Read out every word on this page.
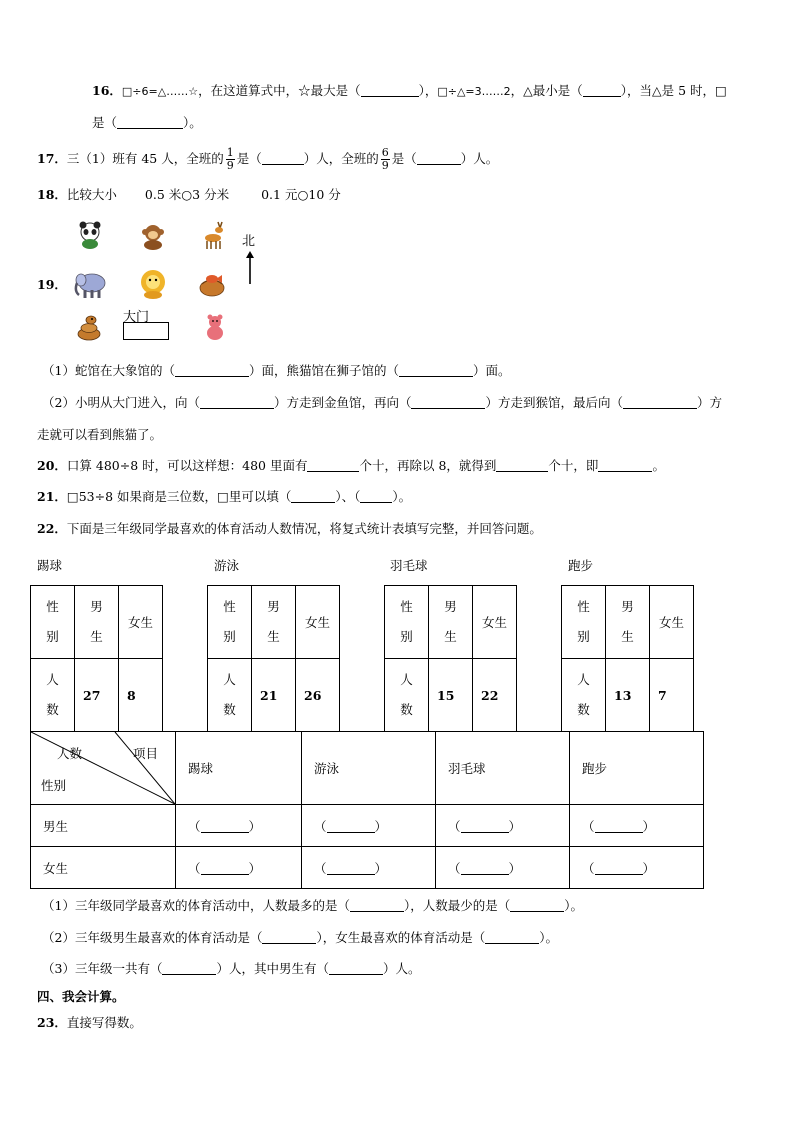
16．□÷6=△……☆，在这道算式中，☆最大是（	），□÷△=3……2，△最小是（	），当△是 5 时，□
是（	）。
17．三（1）班有 45 人，全班的 $\frac{1}{9}$ 是（	）人，全班的 $\frac{6}{9}$ 是（	）人。
18．比较大小 0.5 米○3 分米	0.1 元○10 分
19．
北
大门
（1）蛇馆在大象馆的（	）面，熊猫馆在狮子馆的（	）面。
（2）小明从大门进入，向（	）方走到金鱼馆，再向（	）方走到猴馆，最后向（	）方
走就可以看到熊猫了。
20．口算 480÷8 时，可以这样想：480 里面有	个十，再除以 8，就得到	个十，即	。
21．□53÷8 如果商是三位数，□里可以填（	）、（	）。
22．下面是三年级同学最喜欢的体育活动人数情况，将复式统计表填写完整，并回答问题。
踢球	游泳	羽毛球	跑步
性别	男生	女生

人数	27	8
性别	男生	女生

人数	21	26
性别	男生	女生

人数	15	22
性别	男生	女生

人数	13	7
人数 项目
性别	踢球	游泳	羽毛球	跑步
男生	（ ）	（ ）	（ ）	（ ）
女生	（ ）	（ ）	（ ）	（ ）
（1）三年级同学最喜欢的体育活动中，人数最多的是（	），人数最少的是（	）。
（2）三年级男生最喜欢的体育活动是（	），女生最喜欢的体育活动是（	）。
（3）三年级一共有（	）人，其中男生有（	）人。
四、我会计算。
23．直接写得数。
